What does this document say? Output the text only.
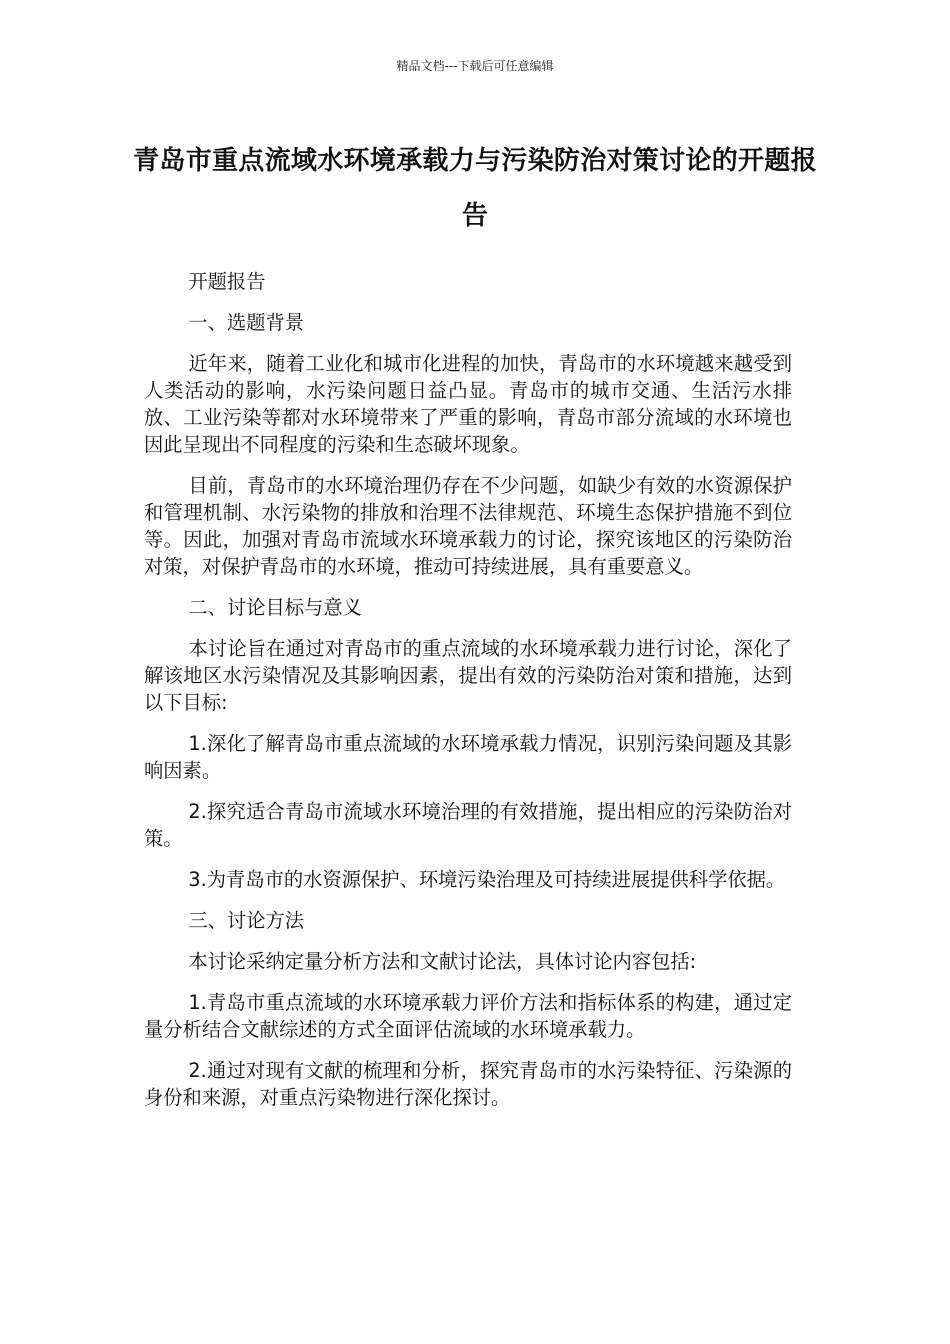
精品文档---下载后可任意编辑
青岛市重点流域水环境承载力与污染防治对策讨论的开题报告

开题报告

一、选题背景

近年来，随着工业化和城市化进程的加快，青岛市的水环境越来越受到人类活动的影响，水污染问题日益凸显。青岛市的城市交通、生活污水排放、工业污染等都对水环境带来了严重的影响，青岛市部分流域的水环境也因此呈现出不同程度的污染和生态破坏现象。

目前，青岛市的水环境治理仍存在不少问题，如缺少有效的水资源保护和管理机制、水污染物的排放和治理不法律规范、环境生态保护措施不到位等。因此，加强对青岛市流域水环境承载力的讨论，探究该地区的污染防治对策，对保护青岛市的水环境，推动可持续进展，具有重要意义。

二、讨论目标与意义

本讨论旨在通过对青岛市的重点流域的水环境承载力进行讨论，深化了解该地区水污染情况及其影响因素，提出有效的污染防治对策和措施，达到以下目标:

1.深化了解青岛市重点流域的水环境承载力情况，识别污染问题及其影响因素。

2.探究适合青岛市流域水环境治理的有效措施，提出相应的污染防治对策。

3.为青岛市的水资源保护、环境污染治理及可持续进展提供科学依据。

三、讨论方法

本讨论采纳定量分析方法和文献讨论法，具体讨论内容包括:

1.青岛市重点流域的水环境承载力评价方法和指标体系的构建，通过定量分析结合文献综述的方式全面评估流域的水环境承载力。

2.通过对现有文献的梳理和分析，探究青岛市的水污染特征、污染源的身份和来源，对重点污染物进行深化探讨。
